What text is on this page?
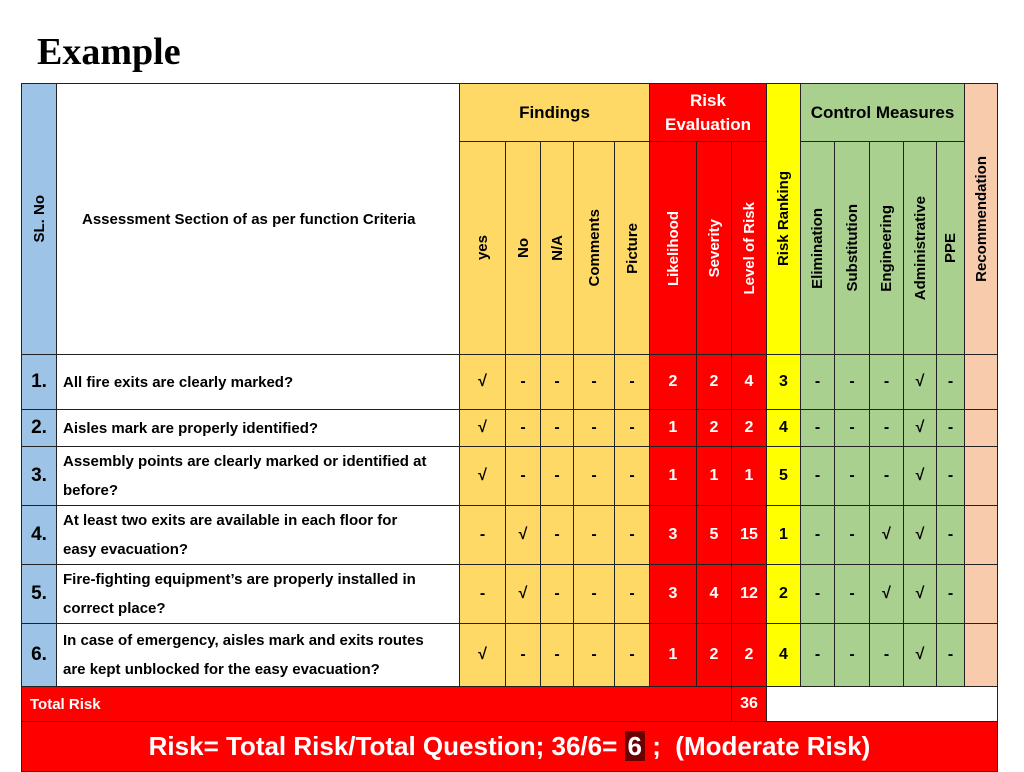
Example
SL. No	Assessment Section of as per function Criteria	Findings					Risk
Evaluation			Risk Ranking	Control Measures					Recommendation

		yes	No	N/A	Comments	Picture	Likelihood	Severity	Level of Risk		Elimination	Substitution	Engineering	Administrative	PPE	

1.	All fire exits are clearly marked?	√	-	-	-	-	2	2	4	3	-	-	-	√	-	
2.	Aisles mark are properly identified?	√	-	-	-	-	1	2	2	4	-	-	-	√	-	
3.	Assembly points are clearly marked or identified at
before?	√	-	-	-	-	1	1	1	5	-	-	-	√	-	
4.	At least two exits are available in each floor for
easy evacuation?	-	√	-	-	-	3	5	15	1	-	-	√	√	-	
5.	Fire-fighting equipment’s are properly installed in
correct place?	-	√	-	-	-	3	4	12	2	-	-	√	√	-	
6.	In case of emergency, aisles mark and exits routes
are kept unblocked for the easy evacuation?	√	-	-	-	-	1	2	2	4	-	-	-	√	-	
Total Risk									36							
Risk= Total Risk/Total Question; 36/6= 6 ;  (Moderate Risk)																
